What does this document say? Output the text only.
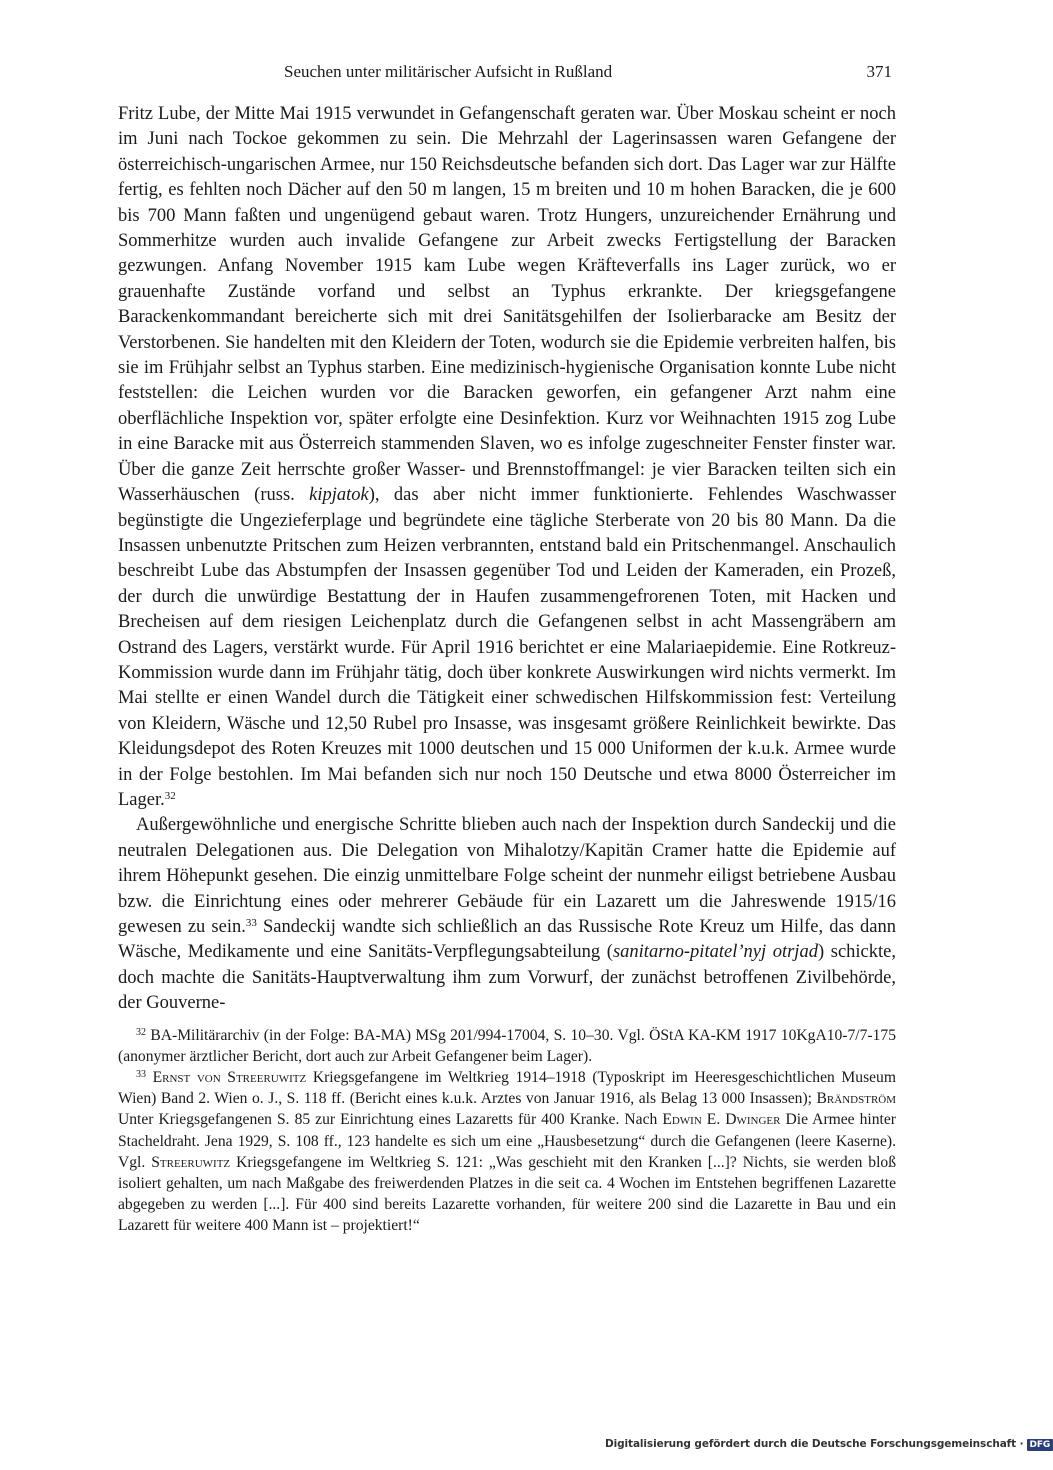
Seuchen unter militärischer Aufsicht in Rußland	371

Fritz Lube, der Mitte Mai 1915 verwundet in Gefangenschaft geraten war. Über Moskau scheint er noch im Juni nach Tockoe gekommen zu sein. Die Mehrzahl der Lagerinsassen waren Gefangene der österreichisch-ungarischen Armee, nur 150 Reichsdeutsche befanden sich dort. Das Lager war zur Hälfte fertig, es fehlten noch Dächer auf den 50 m langen, 15 m breiten und 10 m hohen Baracken, die je 600 bis 700 Mann faßten und ungenügend gebaut waren. Trotz Hungers, unzureichender Ernährung und Sommerhitze wurden auch invalide Gefangene zur Arbeit zwecks Fertigstellung der Baracken gezwungen. Anfang November 1915 kam Lube wegen Kräfteverfalls ins Lager zurück, wo er grauenhafte Zustände vorfand und selbst an Typhus erkrankte. Der kriegsgefangene Barackenkommandant bereicherte sich mit drei Sanitätsgehilfen der Isolierbaracke am Besitz der Verstorbenen. Sie handelten mit den Kleidern der Toten, wodurch sie die Epidemie verbreiten halfen, bis sie im Frühjahr selbst an Typhus starben. Eine medizinisch-hygienische Organisation konnte Lube nicht feststellen: die Leichen wurden vor die Baracken geworfen, ein gefangener Arzt nahm eine oberflächliche Inspektion vor, später erfolgte eine Desinfektion. Kurz vor Weihnachten 1915 zog Lube in eine Baracke mit aus Österreich stammenden Slaven, wo es infolge zugeschneiter Fenster finster war. Über die ganze Zeit herrschte großer Wasser- und Brennstoffmangel: je vier Baracken teilten sich ein Wasserhäuschen (russ. kipjatok), das aber nicht immer funktionierte. Fehlendes Waschwasser begünstigte die Ungezieferplage und begründete eine tägliche Sterberate von 20 bis 80 Mann. Da die Insassen unbenutzte Pritschen zum Heizen verbrannten, entstand bald ein Pritschenmangel. Anschaulich beschreibt Lube das Abstumpfen der Insassen gegenüber Tod und Leiden der Kameraden, ein Prozeß, der durch die unwürdige Bestattung der in Haufen zusammengefrorenen Toten, mit Hacken und Brecheisen auf dem riesigen Leichenplatz durch die Gefangenen selbst in acht Massengräbern am Ostrand des Lagers, verstärkt wurde. Für April 1916 berichtet er eine Malariaepidemie. Eine Rotkreuz-Kommission wurde dann im Frühjahr tätig, doch über konkrete Auswirkungen wird nichts vermerkt. Im Mai stellte er einen Wandel durch die Tätigkeit einer schwedischen Hilfskommission fest: Verteilung von Kleidern, Wäsche und 12,50 Rubel pro Insasse, was insgesamt größere Reinlichkeit bewirkte. Das Kleidungsdepot des Roten Kreuzes mit 1000 deutschen und 15 000 Uniformen der k.u.k. Armee wurde in der Folge bestohlen. Im Mai befanden sich nur noch 150 Deutsche und etwa 8000 Österreicher im Lager.$^{32}$

Außergewöhnliche und energische Schritte blieben auch nach der Inspektion durch Sandeckij und die neutralen Delegationen aus. Die Delegation von Mihalotzy/Kapitän Cramer hatte die Epidemie auf ihrem Höhepunkt gesehen. Die einzig unmittelbare Folge scheint der nunmehr eiligst betriebene Ausbau bzw. die Einrichtung eines oder mehrerer Gebäude für ein Lazarett um die Jahreswende 1915/16 gewesen zu sein.$^{33}$ Sandeckij wandte sich schließlich an das Russische Rote Kreuz um Hilfe, das dann Wäsche, Medikamente und eine Sanitäts-Verpflegungsabteilung (sanitarno-pitatel’nyj otrjad) schickte, doch machte die Sanitäts-Hauptverwaltung ihm zum Vorwurf, der zunächst betroffenen Zivilbehörde, der Gouverne-

$^{32}$ BA-Militärarchiv (in der Folge: BA-MA) MSg 201/994-17004, S. 10–30. Vgl. ÖStA KA-KM 1917 10KgA10-7/7-175 (anonymer ärztlicher Bericht, dort auch zur Arbeit Gefangener beim Lager).

$^{33}$ Ernst von Streeruwitz Kriegsgefangene im Weltkrieg 1914–1918 (Typoskript im Heeresgeschichtlichen Museum Wien) Band 2. Wien o. J., S. 118 ff. (Bericht eines k.u.k. Arztes von Januar 1916, als Belag 13 000 Insassen); Brändström Unter Kriegsgefangenen S. 85 zur Einrichtung eines Lazaretts für 400 Kranke. Nach Edwin E. Dwinger Die Armee hinter Stacheldraht. Jena 1929, S. 108 ff., 123 handelte es sich um eine „Hausbesetzung“ durch die Gefangenen (leere Kaserne). Vgl. Streeruwitz Kriegsgefangene im Weltkrieg S. 121: „Was geschieht mit den Kranken [...]? Nichts, sie werden bloß isoliert gehalten, um nach Maßgabe des freiwerdenden Platzes in die seit ca. 4 Wochen im Entstehen begriffenen Lazarette abgegeben zu werden [...]. Für 400 sind bereits Lazarette vorhanden, für weitere 200 sind die Lazarette in Bau und ein Lazarett für weitere 400 Mann ist – projektiert!“

Digitalisierung gefördert durch die Deutsche Forschungsgemeinschaft · DFG
